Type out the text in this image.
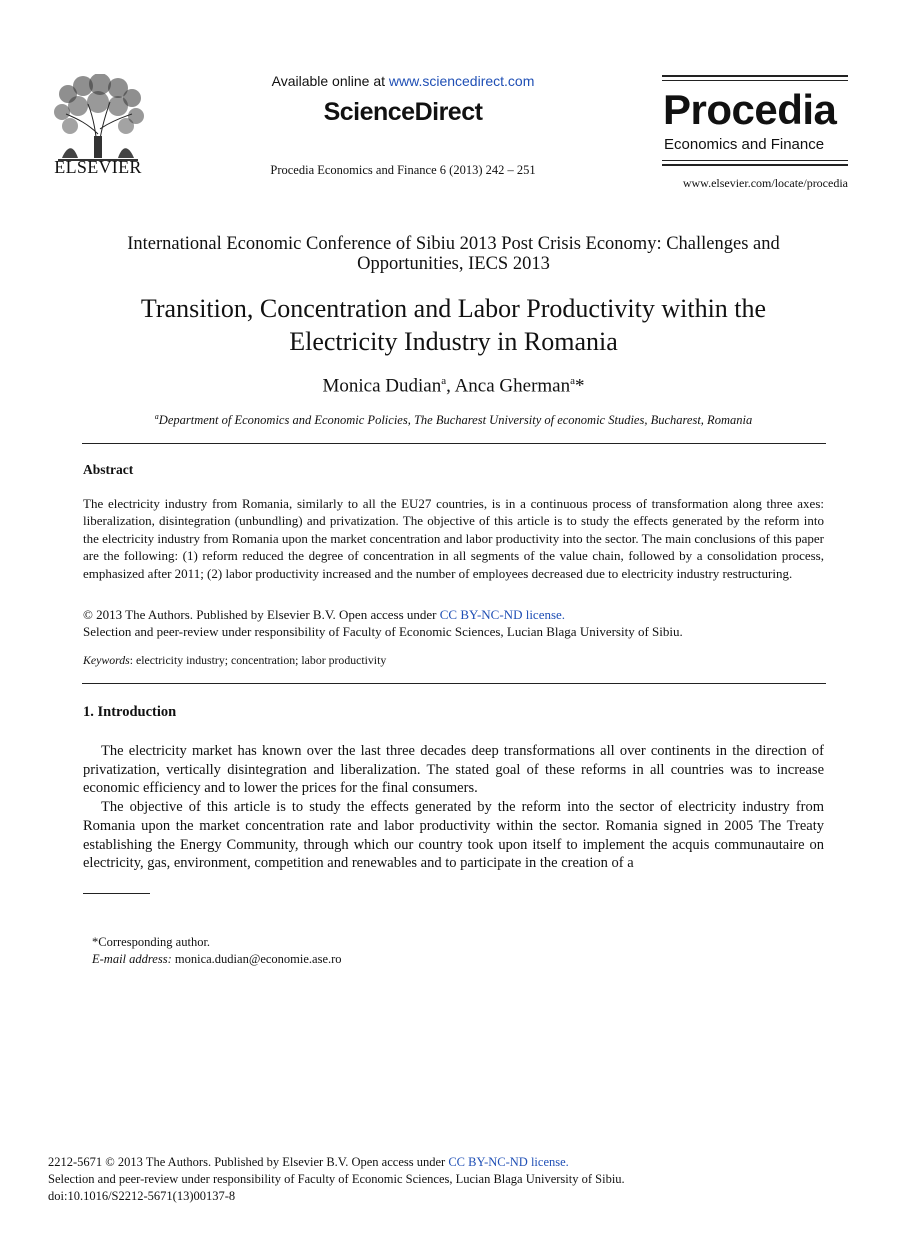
ELSEVIER
Available online at www.sciencedirect.com
ScienceDirect
Procedia Economics and Finance 6 (2013) 242 – 251
Procedia
Economics and Finance
www.elsevier.com/locate/procedia
International Economic Conference of Sibiu 2013 Post Crisis Economy: Challenges and Opportunities, IECS 2013
Transition, Concentration and Labor Productivity within the
Electricity Industry in Romania
Monica Dudian$^a$, Anca Gherman$^a$*
$^a$Department of Economics and Economic Policies, The Bucharest University of economic Studies, Bucharest, Romania
Abstract
The electricity industry from Romania, similarly to all the EU27 countries, is in a continuous process of transformation along three axes: liberalization, disintegration (unbundling) and privatization. The objective of this article is to study the effects generated by the reform into the electricity industry from Romania upon the market concentration and labor productivity into the sector. The main conclusions of this paper are the following: (1) reform reduced the degree of concentration in all segments of the value chain, followed by a consolidation process, emphasized after 2011; (2) labor productivity increased and the number of employees decreased due to electricity industry restructuring.
© 2013 The Authors. Published by Elsevier B.V. Open access under CC BY-NC-ND license.
Selection and peer-review under responsibility of Faculty of Economic Sciences, Lucian Blaga University of Sibiu.
Keywords: electricity industry; concentration; labor productivity
1. Introduction

The electricity market has known over the last three decades deep transformations all over continents in the direction of privatization, vertically disintegration and liberalization. The stated goal of these reforms in all countries was to increase economic efficiency and to lower the prices for the final consumers.

The objective of this article is to study the effects generated by the reform into the sector of electricity industry from Romania upon the market concentration rate and labor productivity within the sector. Romania signed in 2005 The Treaty establishing the Energy Community, through which our country took upon itself to implement the acquis communautaire on electricity, gas, environment, competition and renewables and to participate in the creation of a

*Corresponding author.
E-mail address: monica.dudian@economie.ase.ro
2212-5671 © 2013 The Authors. Published by Elsevier B.V. Open access under CC BY-NC-ND license.
Selection and peer-review under responsibility of Faculty of Economic Sciences, Lucian Blaga University of Sibiu.
doi:10.1016/S2212-5671(13)00137-8
